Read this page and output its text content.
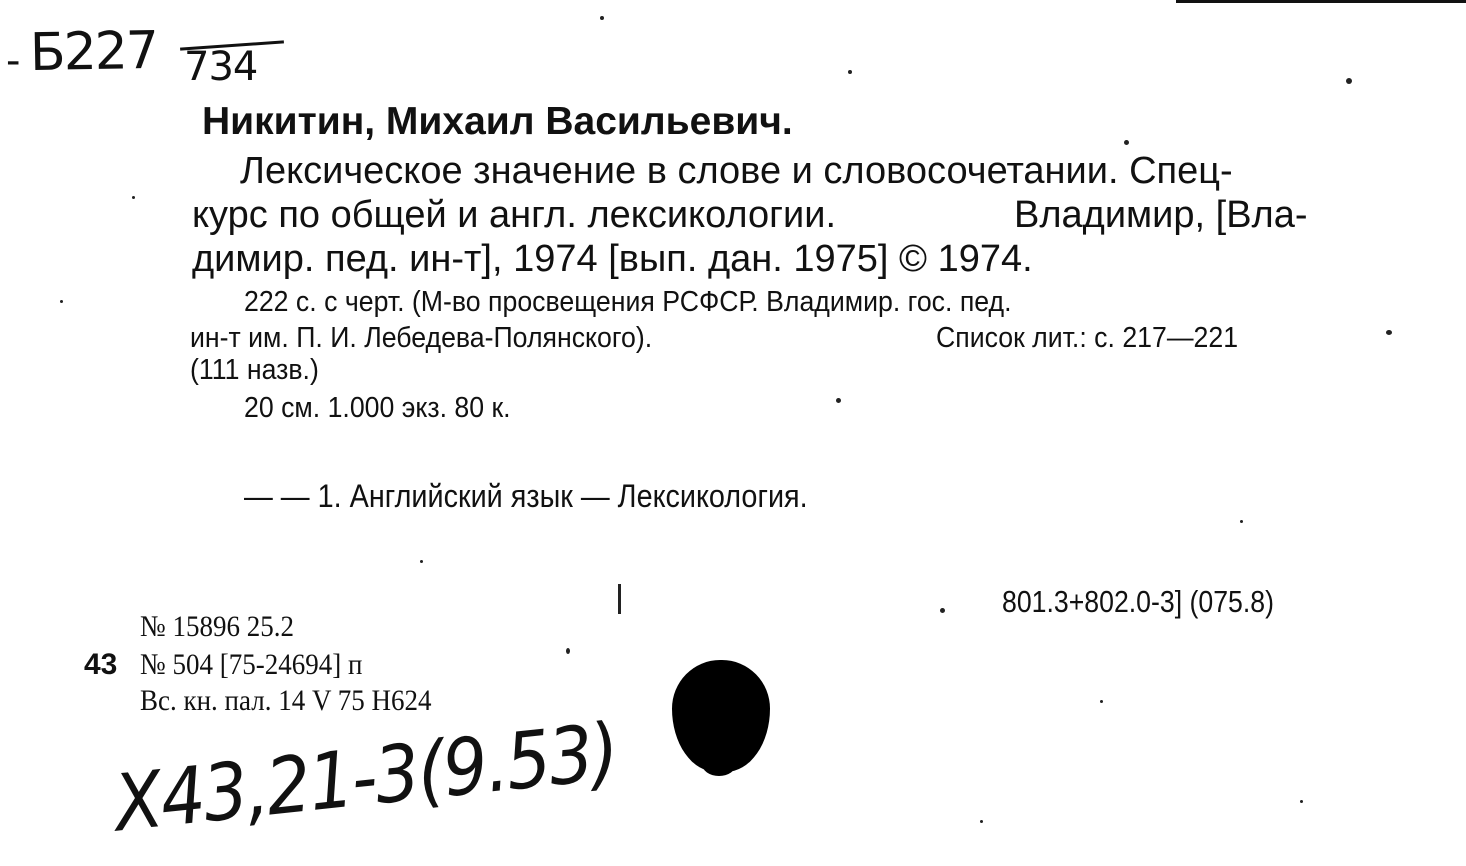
- Б227 734
Никитин, Михаил Васильевич.
Лексическое значение в слове и словосочетании. Спец-
курс по общей и англ. лексикологии.	Владимир, [Вла-
димир. пед. ин-т], 1974 [вып. дан. 1975] © 1974.
222 с. с черт. (М-во просвещения РСФСР. Владимир. гос. пед.
ин-т им. П. И. Лебедева-Полянского).	Список лит.: с. 217—221
(111 назв.)
20 см. 1.000 экз. 80 к.
— — 1. Английский язык — Лексикология.
801.3+802.0-3] (075.8)
№ 15896 25.2
43 № 504 [75-24694] п
Вс. кн. пал. 14 V 75 Н624
Х43,21-3(9.53)
